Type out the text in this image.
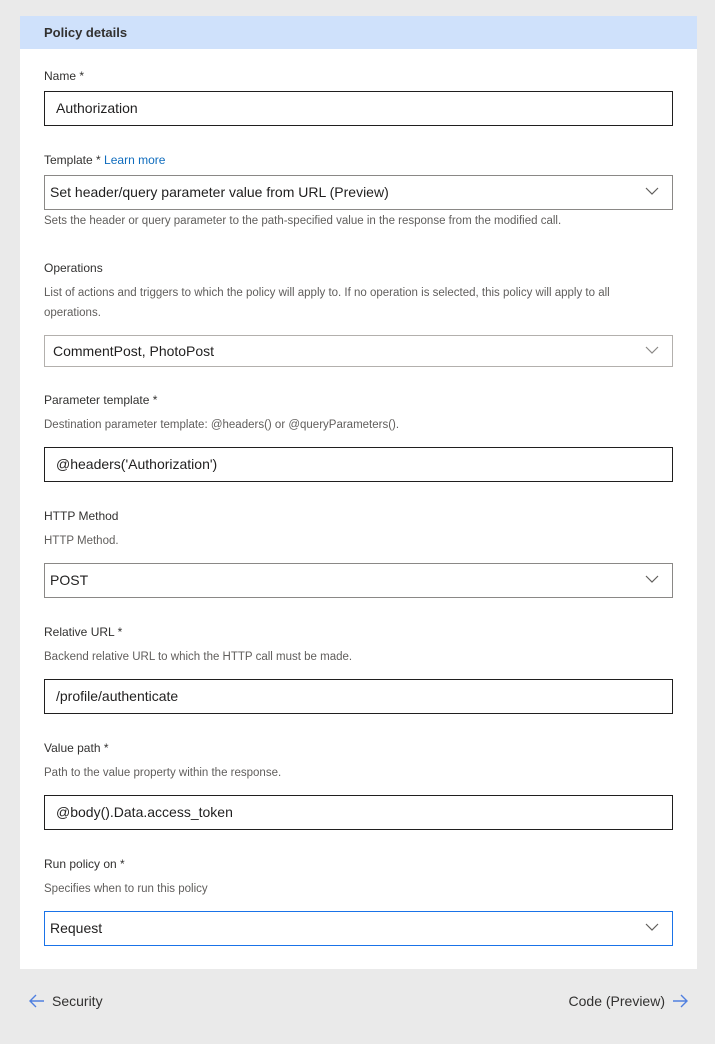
Policy details
Name *
Authorization
Template * Learn more
Set header/query parameter value from URL (Preview)
Sets the header or query parameter to the path-specified value in the response from the modified call.
Operations
List of actions and triggers to which the policy will apply to. If no operation is selected, this policy will apply to all operations.
CommentPost, PhotoPost
Parameter template *
Destination parameter template: @headers() or @queryParameters().
@headers('Authorization')
HTTP Method
HTTP Method.
POST
Relative URL *
Backend relative URL to which the HTTP call must be made.
/profile/authenticate
Value path *
Path to the value property within the response.
@body().Data.access_token
Run policy on *
Specifies when to run this policy
Request
Security	Code (Preview)
